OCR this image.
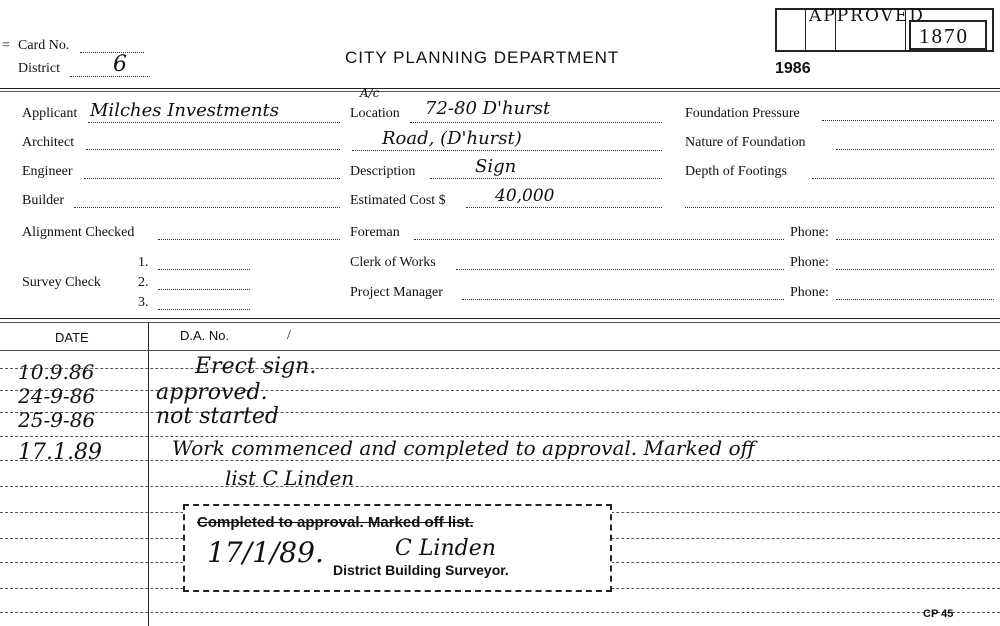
APPROVED
1870
= Card No.
District 6	CITY PLANNING DEPARTMENT
1986
Applicant Milches Investments
Architect
Engineer
Builder
Alignment Checked
Survey Check
1.
2.
3.
A/c
Location 72-80 D'hurst
Road, (D'hurst)
Description	Sign
Estimated Cost $	40,000
Foreman
Clerk of Works
Project Manager
Foundation Pressure
Nature of Foundation
Depth of Footings
Phone:
Phone:
Phone:
DATE	D.A. No.	/
10.9.86	Erect sign.
24-9-86	approved.
25-9-86	not started
17.1.89	Work commenced and completed to approval. Marked off
list C Linden
Completed to approval. Marked off list.
17/1/89.	C Linden
District Building Surveyor.
CP 45
